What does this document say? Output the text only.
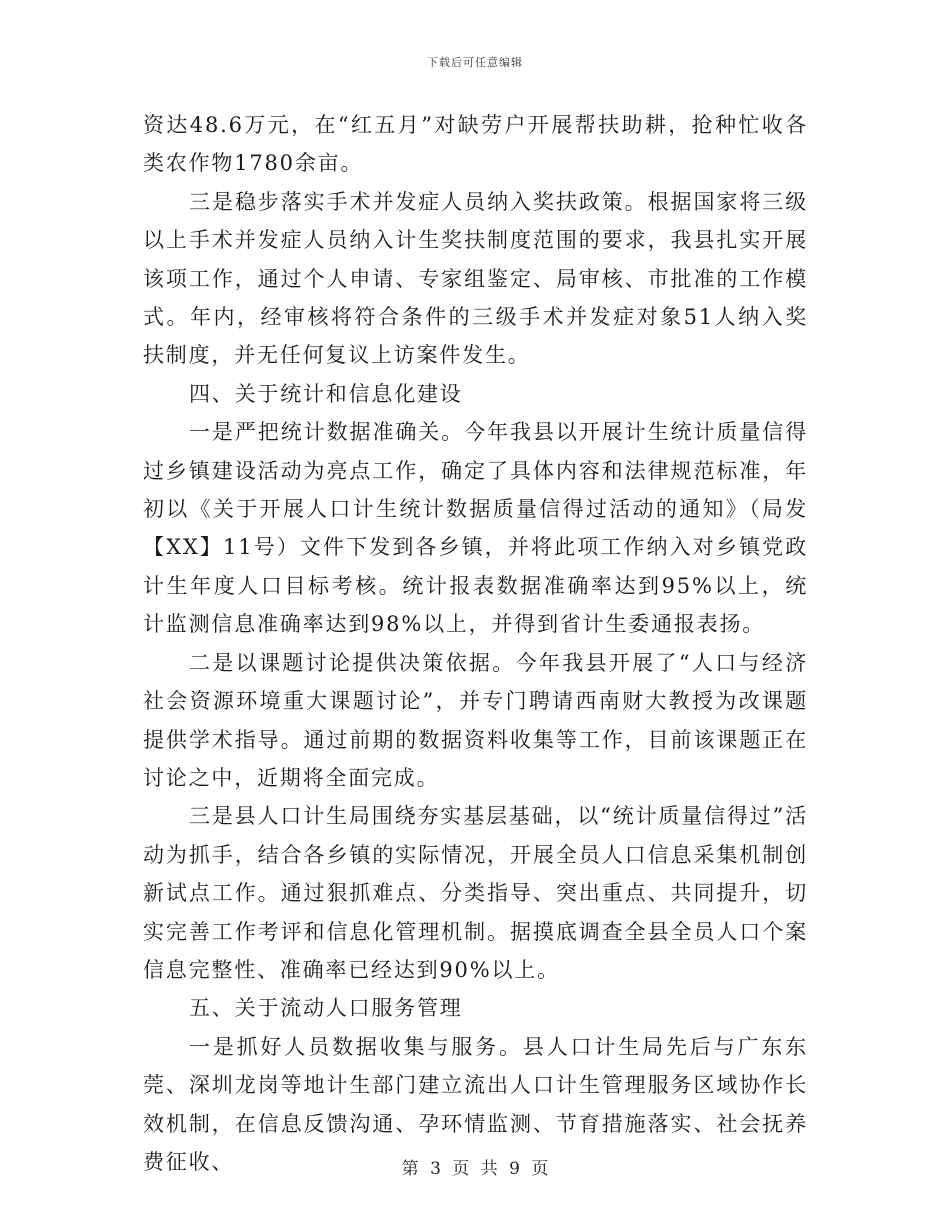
下载后可任意编辑

资达48.6万元，在“红五月”对缺劳户开展帮扶助耕，抢种忙收各类农作物1780余亩。

三是稳步落实手术并发症人员纳入奖扶政策。根据国家将三级以上手术并发症人员纳入计生奖扶制度范围的要求，我县扎实开展该项工作，通过个人申请、专家组鉴定、局审核、市批准的工作模式。年内，经审核将符合条件的三级手术并发症对象51人纳入奖扶制度，并无任何复议上访案件发生。

四、关于统计和信息化建设

一是严把统计数据准确关。今年我县以开展计生统计质量信得过乡镇建设活动为亮点工作，确定了具体内容和法律规范标准，年初以《关于开展人口计生统计数据质量信得过活动的通知》（局发【XX】11号）文件下发到各乡镇，并将此项工作纳入对乡镇党政计生年度人口目标考核。统计报表数据准确率达到95%以上，统计监测信息准确率达到98%以上，并得到省计生委通报表扬。

二是以课题讨论提供决策依据。今年我县开展了“人口与经济社会资源环境重大课题讨论”，并专门聘请西南财大教授为改课题提供学术指导。通过前期的数据资料收集等工作，目前该课题正在讨论之中，近期将全面完成。

三是县人口计生局围绕夯实基层基础，以“统计质量信得过”活动为抓手，结合各乡镇的实际情况，开展全员人口信息采集机制创新试点工作。通过狠抓难点、分类指导、突出重点、共同提升，切实完善工作考评和信息化管理机制。据摸底调查全县全员人口个案信息完整性、准确率已经达到90%以上。

五、关于流动人口服务管理

一是抓好人员数据收集与服务。县人口计生局先后与广东东莞、深圳龙岗等地计生部门建立流出人口计生管理服务区域协作长效机制，在信息反馈沟通、孕环情监测、节育措施落实、社会抚养费征收、	第 3 页 共 9 页
